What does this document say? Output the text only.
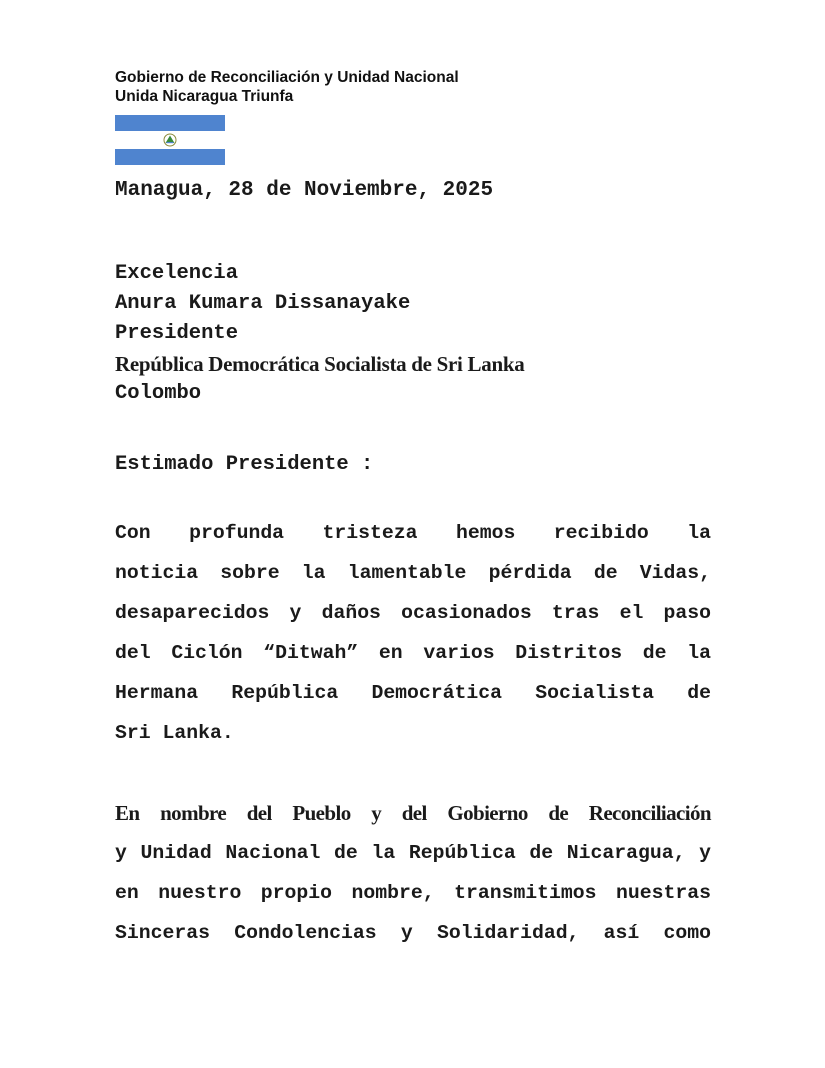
Gobierno de Reconciliación y Unidad Nacional
Unida Nicaragua Triunfa
Managua, 28 de Noviembre, 2025
Excelencia
Anura Kumara Dissanayake
Presidente
República Democrática Socialista de Sri Lanka
Colombo
Estimado Presidente :
Con profunda tristeza hemos recibido la
noticia sobre la lamentable pérdida de Vidas,
desaparecidos y daños ocasionados tras el paso
del Ciclón “Ditwah” en varios Distritos de la
Hermana República Democrática Socialista de
Sri Lanka.
En nombre del Pueblo y del Gobierno de Reconciliación
y Unidad Nacional de la República de Nicaragua, y
en nuestro propio nombre, transmitimos nuestras
Sinceras Condolencias y Solidaridad, así como
